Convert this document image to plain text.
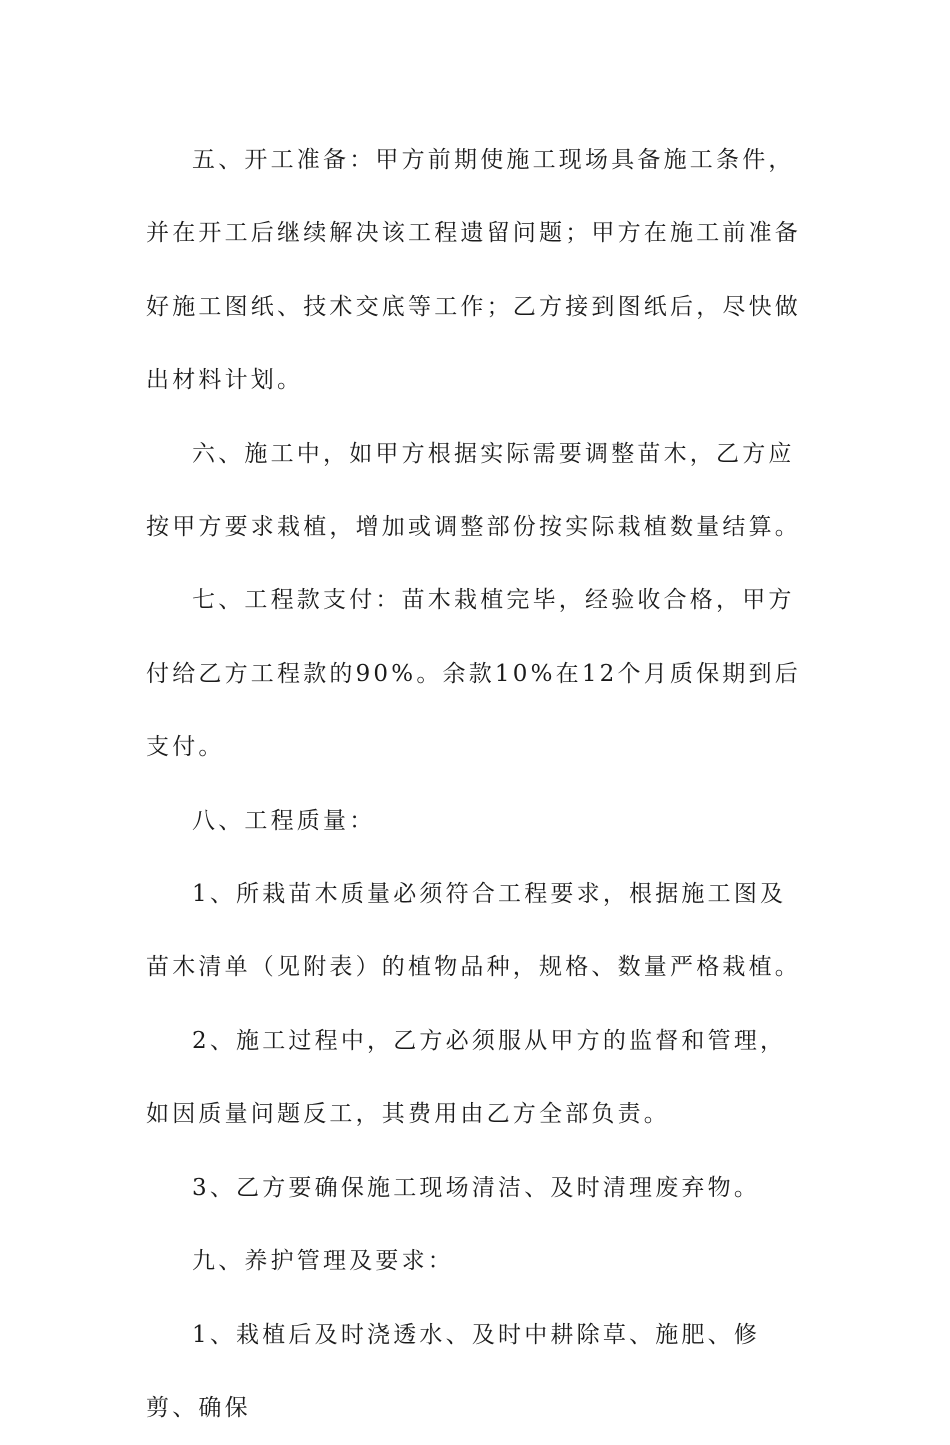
五、开工准备：甲方前期使施工现场具备施工条件，并在开工后继续解决该工程遗留问题；甲方在施工前准备好施工图纸、技术交底等工作；乙方接到图纸后，尽快做出材料计划。

六、施工中，如甲方根据实际需要调整苗木，乙方应按甲方要求栽植，增加或调整部份按实际栽植数量结算。

七、工程款支付：苗木栽植完毕，经验收合格，甲方付给乙方工程款的90%。余款10%在12个月质保期到后支付。

八、工程质量：

1、所栽苗木质量必须符合工程要求，根据施工图及苗木清单（见附表）的植物品种，规格、数量严格栽植。

2、施工过程中，乙方必须服从甲方的监督和管理，如因质量问题反工，其费用由乙方全部负责。

3、乙方要确保施工现场清洁、及时清理废弃物。

九、养护管理及要求：

1、栽植后及时浇透水、及时中耕除草、施肥、修剪、确保
